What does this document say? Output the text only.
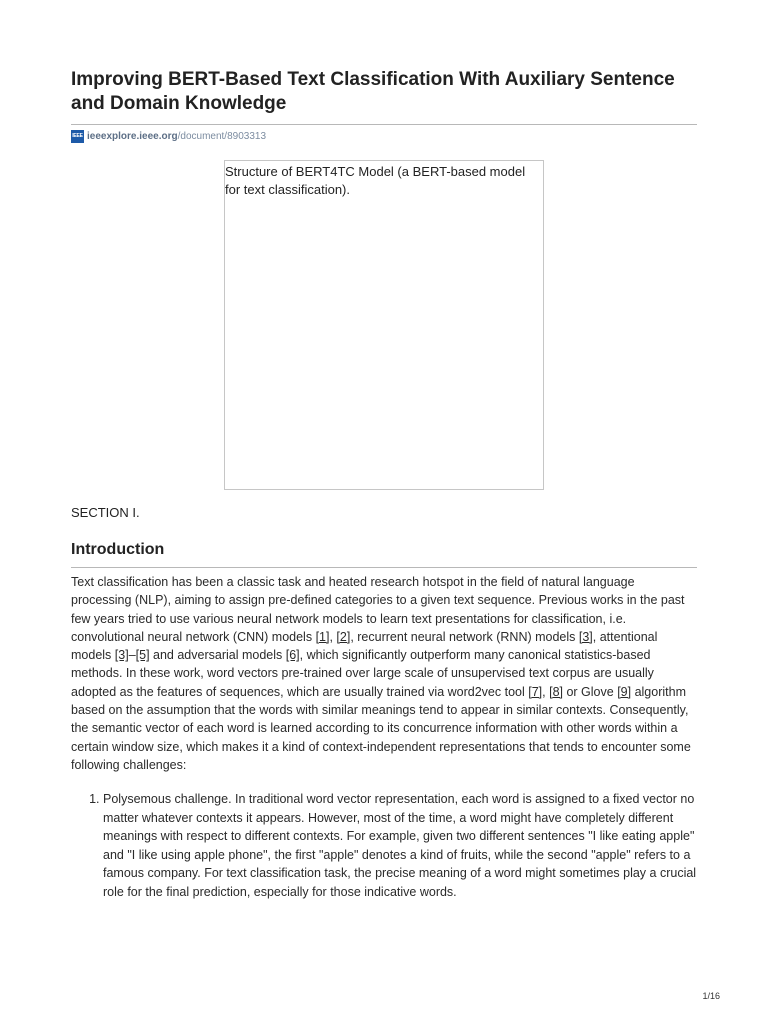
Improving BERT-Based Text Classification With Auxiliary Sentence and Domain Knowledge
IEEE ieeexplore.ieee.org /document/8903313
Structure of BERT4TC Model (a BERT-based model for text classification).
SECTION I.
Introduction

Text classification has been a classic task and heated research hotspot in the field of natural language processing (NLP), aiming to assign pre-defined categories to a given text sequence. Previous works in the past few years tried to use various neural network models to learn text presentations for classification, i.e. convolutional neural network (CNN) models [1], [2], recurrent neural network (RNN) models [3], attentional models [3]–[5] and adversarial models [6], which significantly outperform many canonical statistics-based methods. In these work, word vectors pre-trained over large scale of unsupervised text corpus are usually adopted as the features of sequences, which are usually trained via word2vec tool [7], [8] or Glove [9] algorithm based on the assumption that the words with similar meanings tend to appear in similar contexts. Consequently, the semantic vector of each word is learned according to its concurrence information with other words within a certain window size, which makes it a kind of context-independent representations that tends to encounter some following challenges:

1. Polysemous challenge. In traditional word vector representation, each word is assigned to a fixed vector no matter whatever contexts it appears. However, most of the time, a word might have completely different meanings with respect to different contexts. For example, given two different sentences "I like eating apple" and "I like using apple phone", the first "apple" denotes a kind of fruits, while the second "apple" refers to a famous company. For text classification task, the precise meaning of a word might sometimes play a crucial role for the final prediction, especially for those indicative words.
1/16
